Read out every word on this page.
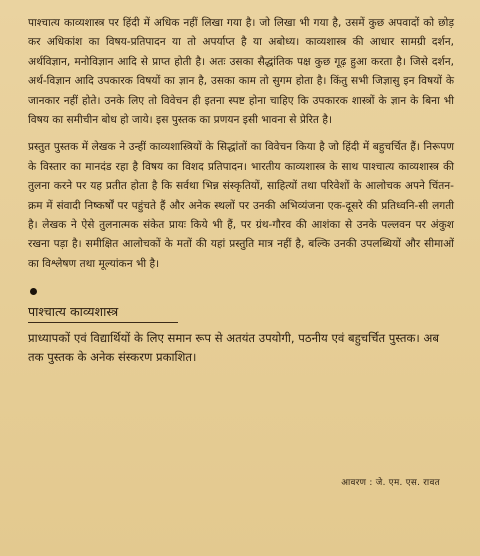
पाश्चात्य काव्यशास्त्र पर हिंदी में अधिक नहीं लिखा गया है। जो लिखा भी गया है, उसमें कुछ अपवादों को छोड़ कर अधिकांश का विषय-प्रतिपादन या तो अपर्याप्त है या अबोध्य। काव्यशास्त्र की आधार सामग्री दर्शन, अर्थविज्ञान, मनोविज्ञान आदि से प्राप्त होती है। अतः उसका सैद्धांतिक पक्ष कुछ गूढ़ हुआ करता है। जिसे दर्शन, अर्थ-विज्ञान आदि उपकारक विषयों का ज्ञान है, उसका काम तो सुगम होता है। किंतु सभी जिज्ञासु इन विषयों के जानकार नहीं होते। उनके लिए तो विवेचन ही इतना स्पष्ट होना चाहिए कि उपकारक शास्त्रों के ज्ञान के बिना भी विषय का समीचीन बोध हो जाये। इस पुस्तक का प्रणयन इसी भावना से प्रेरित है।

प्रस्तुत पुस्तक में लेखक ने उन्हीं काव्यशास्त्रियों के सिद्धांतों का विवेचन किया है जो हिंदी में बहुचर्चित हैं। निरूपण के विस्तार का मानदंड रहा है विषय का विशद प्रतिपादन। भारतीय काव्यशास्त्र के साथ पाश्चात्य काव्यशास्त्र की तुलना करने पर यह प्रतीत होता है कि सर्वथा भिन्न संस्कृतियों, साहित्यों तथा परिवेशों के आलोचक अपने चिंतन-क्रम में संवादी निष्कर्षों पर पहुंचते हैं और अनेक स्थलों पर उनकी अभिव्यंजना एक-दूसरे की प्रतिध्वनि-सी लगती है। लेखक ने ऐसे तुलनात्मक संकेत प्रायः किये भी हैं, पर ग्रंथ-गौरव की आशंका से उनके पल्लवन पर अंकुश रखना पड़ा है। समीक्षित आलोचकों के मतों की यहां प्रस्तुति मात्र नहीं है, बल्कि उनकी उपलब्धियों और सीमाओं का विश्लेषण तथा मूल्यांकन भी है।

पाश्चात्य काव्यशास्त्र

प्राध्यापकों एवं विद्यार्थियों के लिए समान रूप से अतयंत उपयोगी, पठनीय एवं बहुचर्चित पुस्तक। अब तक पुस्तक के अनेक संस्करण प्रकाशित।

आवरण : जे. एम. एस. रावत
